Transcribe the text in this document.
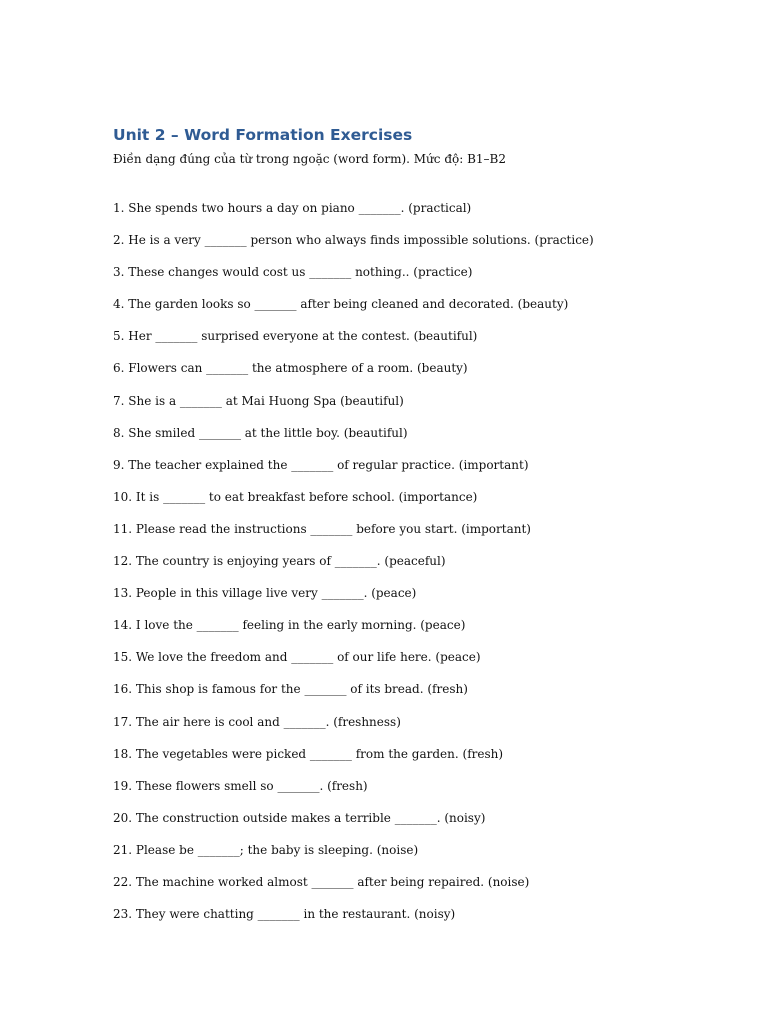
Unit 2 – Word Formation Exercises

Điền dạng đúng của từ trong ngoặc (word form). Mức độ: B1–B2

1. She spends two hours a day on piano _______. (practical)
2. He is a very _______ person who always finds impossible solutions. (practice)
3. These changes would cost us _______ nothing.. (practice)
4. The garden looks so _______ after being cleaned and decorated. (beauty)
5. Her _______ surprised everyone at the contest. (beautiful)
6. Flowers can _______ the atmosphere of a room. (beauty)
7. She is a _______ at Mai Huong Spa (beautiful)
8. She smiled _______ at the little boy. (beautiful)
9. The teacher explained the _______ of regular practice. (important)
10. It is _______ to eat breakfast before school. (importance)
11. Please read the instructions _______ before you start. (important)
12. The country is enjoying years of _______. (peaceful)
13. People in this village live very _______. (peace)
14. I love the _______ feeling in the early morning. (peace)
15. We love the freedom and _______ of our life here. (peace)
16. This shop is famous for the _______ of its bread. (fresh)
17. The air here is cool and _______. (freshness)
18. The vegetables were picked _______ from the garden. (fresh)
19. These flowers smell so _______. (fresh)
20. The construction outside makes a terrible _______. (noisy)
21. Please be _______; the baby is sleeping. (noise)
22. The machine worked almost _______ after being repaired. (noise)
23. They were chatting _______ in the restaurant. (noisy)
